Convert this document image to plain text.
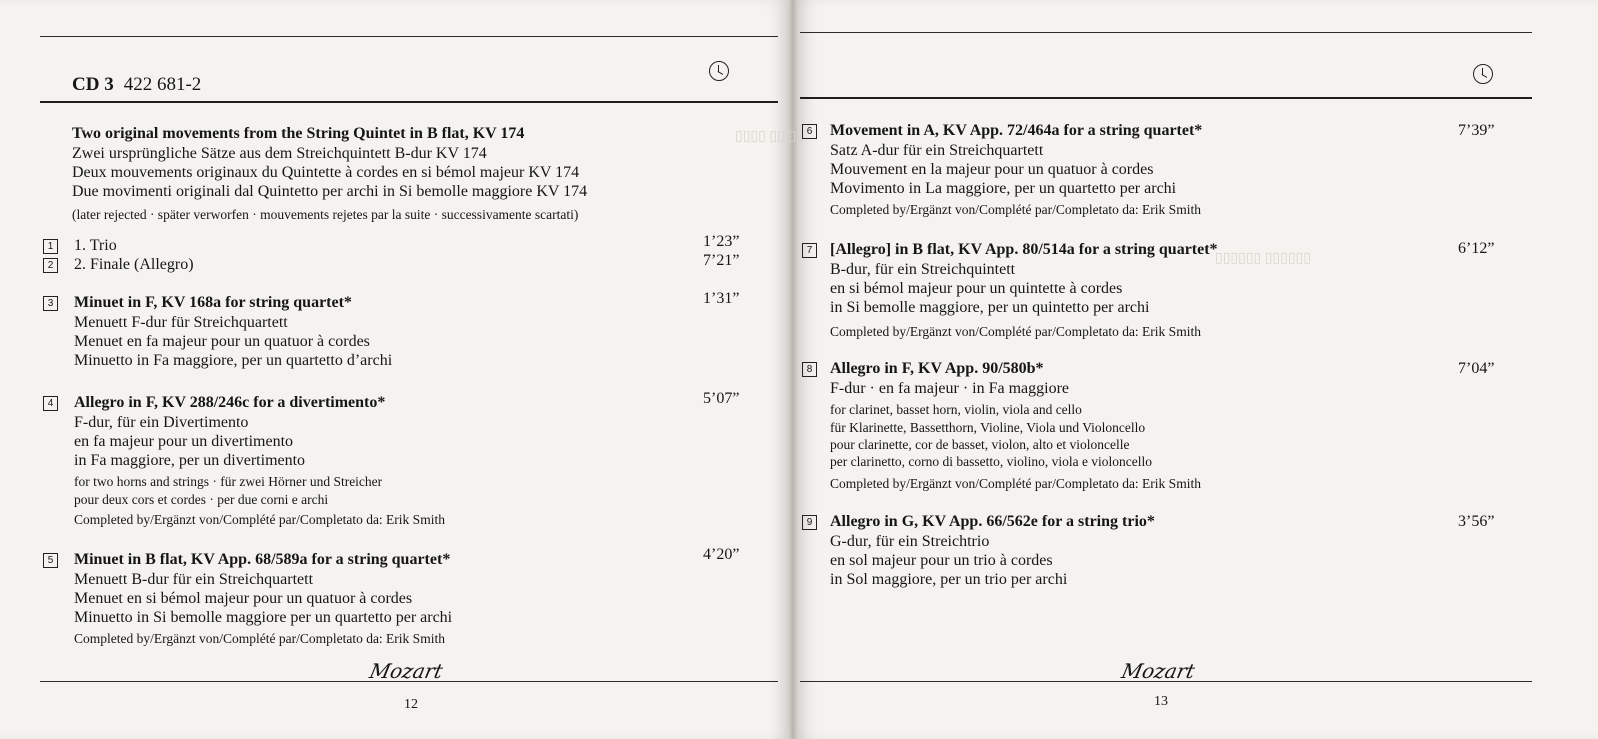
▯▯▯▯ ▯▯ ▯▯
▯▯▯▯▯▯ ▯▯▯▯▯▯
CD 3 422 681-2
Two original movements from the String Quintet in B flat, KV 174
Zwei ursprüngliche Sätze aus dem Streichquintett B-dur KV 174
Deux mouvements originaux du Quintette à cordes en si bémol majeur KV 174
Due movimenti originali dal Quintetto per archi in Si bemolle maggiore KV 174
(later rejected · später verworfen · mouvements rejetes par la suite · successivamente scartati)
1 1. Trio	1’23”
2 2. Finale (Allegro)	7’21”
3 Minuet in F, KV 168a for string quartet*	1’31”
Menuett F-dur für Streichquartett
Menuet en fa majeur pour un quatuor à cordes
Minuetto in Fa maggiore, per un quartetto d’archi
4 Allegro in F, KV 288/246c for a divertimento*	5’07”
F-dur, für ein Divertimento
en fa majeur pour un divertimento
in Fa maggiore, per un divertimento
for two horns and strings · für zwei Hörner und Streicher
pour deux cors et cordes · per due corni e archi
Completed by/Ergänzt von/Complété par/Completato da: Erik Smith
5 Minuet in B flat, KV App. 68/589a for a string quartet*	4’20”
Menuett B-dur für ein Streichquartett
Menuet en si bémol majeur pour un quatuor à cordes
Minuetto in Si bemolle maggiore per un quartetto per archi
Completed by/Ergänzt von/Complété par/Completato da: Erik Smith
Mozart
12
6 Movement in A, KV App. 72/464a for a string quartet*	7’39”
Satz A-dur für ein Streichquartett
Mouvement en la majeur pour un quatuor à cordes
Movimento in La maggiore, per un quartetto per archi
Completed by/Ergänzt von/Complété par/Completato da: Erik Smith
7 [Allegro] in B flat, KV App. 80/514a for a string quartet*	6’12”
B-dur, für ein Streichquintett
en si bémol majeur pour un quintette à cordes
in Si bemolle maggiore, per un quintetto per archi
Completed by/Ergänzt von/Complété par/Completato da: Erik Smith
8 Allegro in F, KV App. 90/580b*	7’04”
F-dur · en fa majeur · in Fa maggiore
for clarinet, basset horn, violin, viola and cello
für Klarinette, Bassetthorn, Violine, Viola und Violoncello
pour clarinette, cor de basset, violon, alto et violoncelle
per clarinetto, corno di bassetto, violino, viola e violoncello
Completed by/Ergänzt von/Complété par/Completato da: Erik Smith
9 Allegro in G, KV App. 66/562e for a string trio*	3’56”
G-dur, für ein Streichtrio
en sol majeur pour un trio à cordes
in Sol maggiore, per un trio per archi
Mozart
13
